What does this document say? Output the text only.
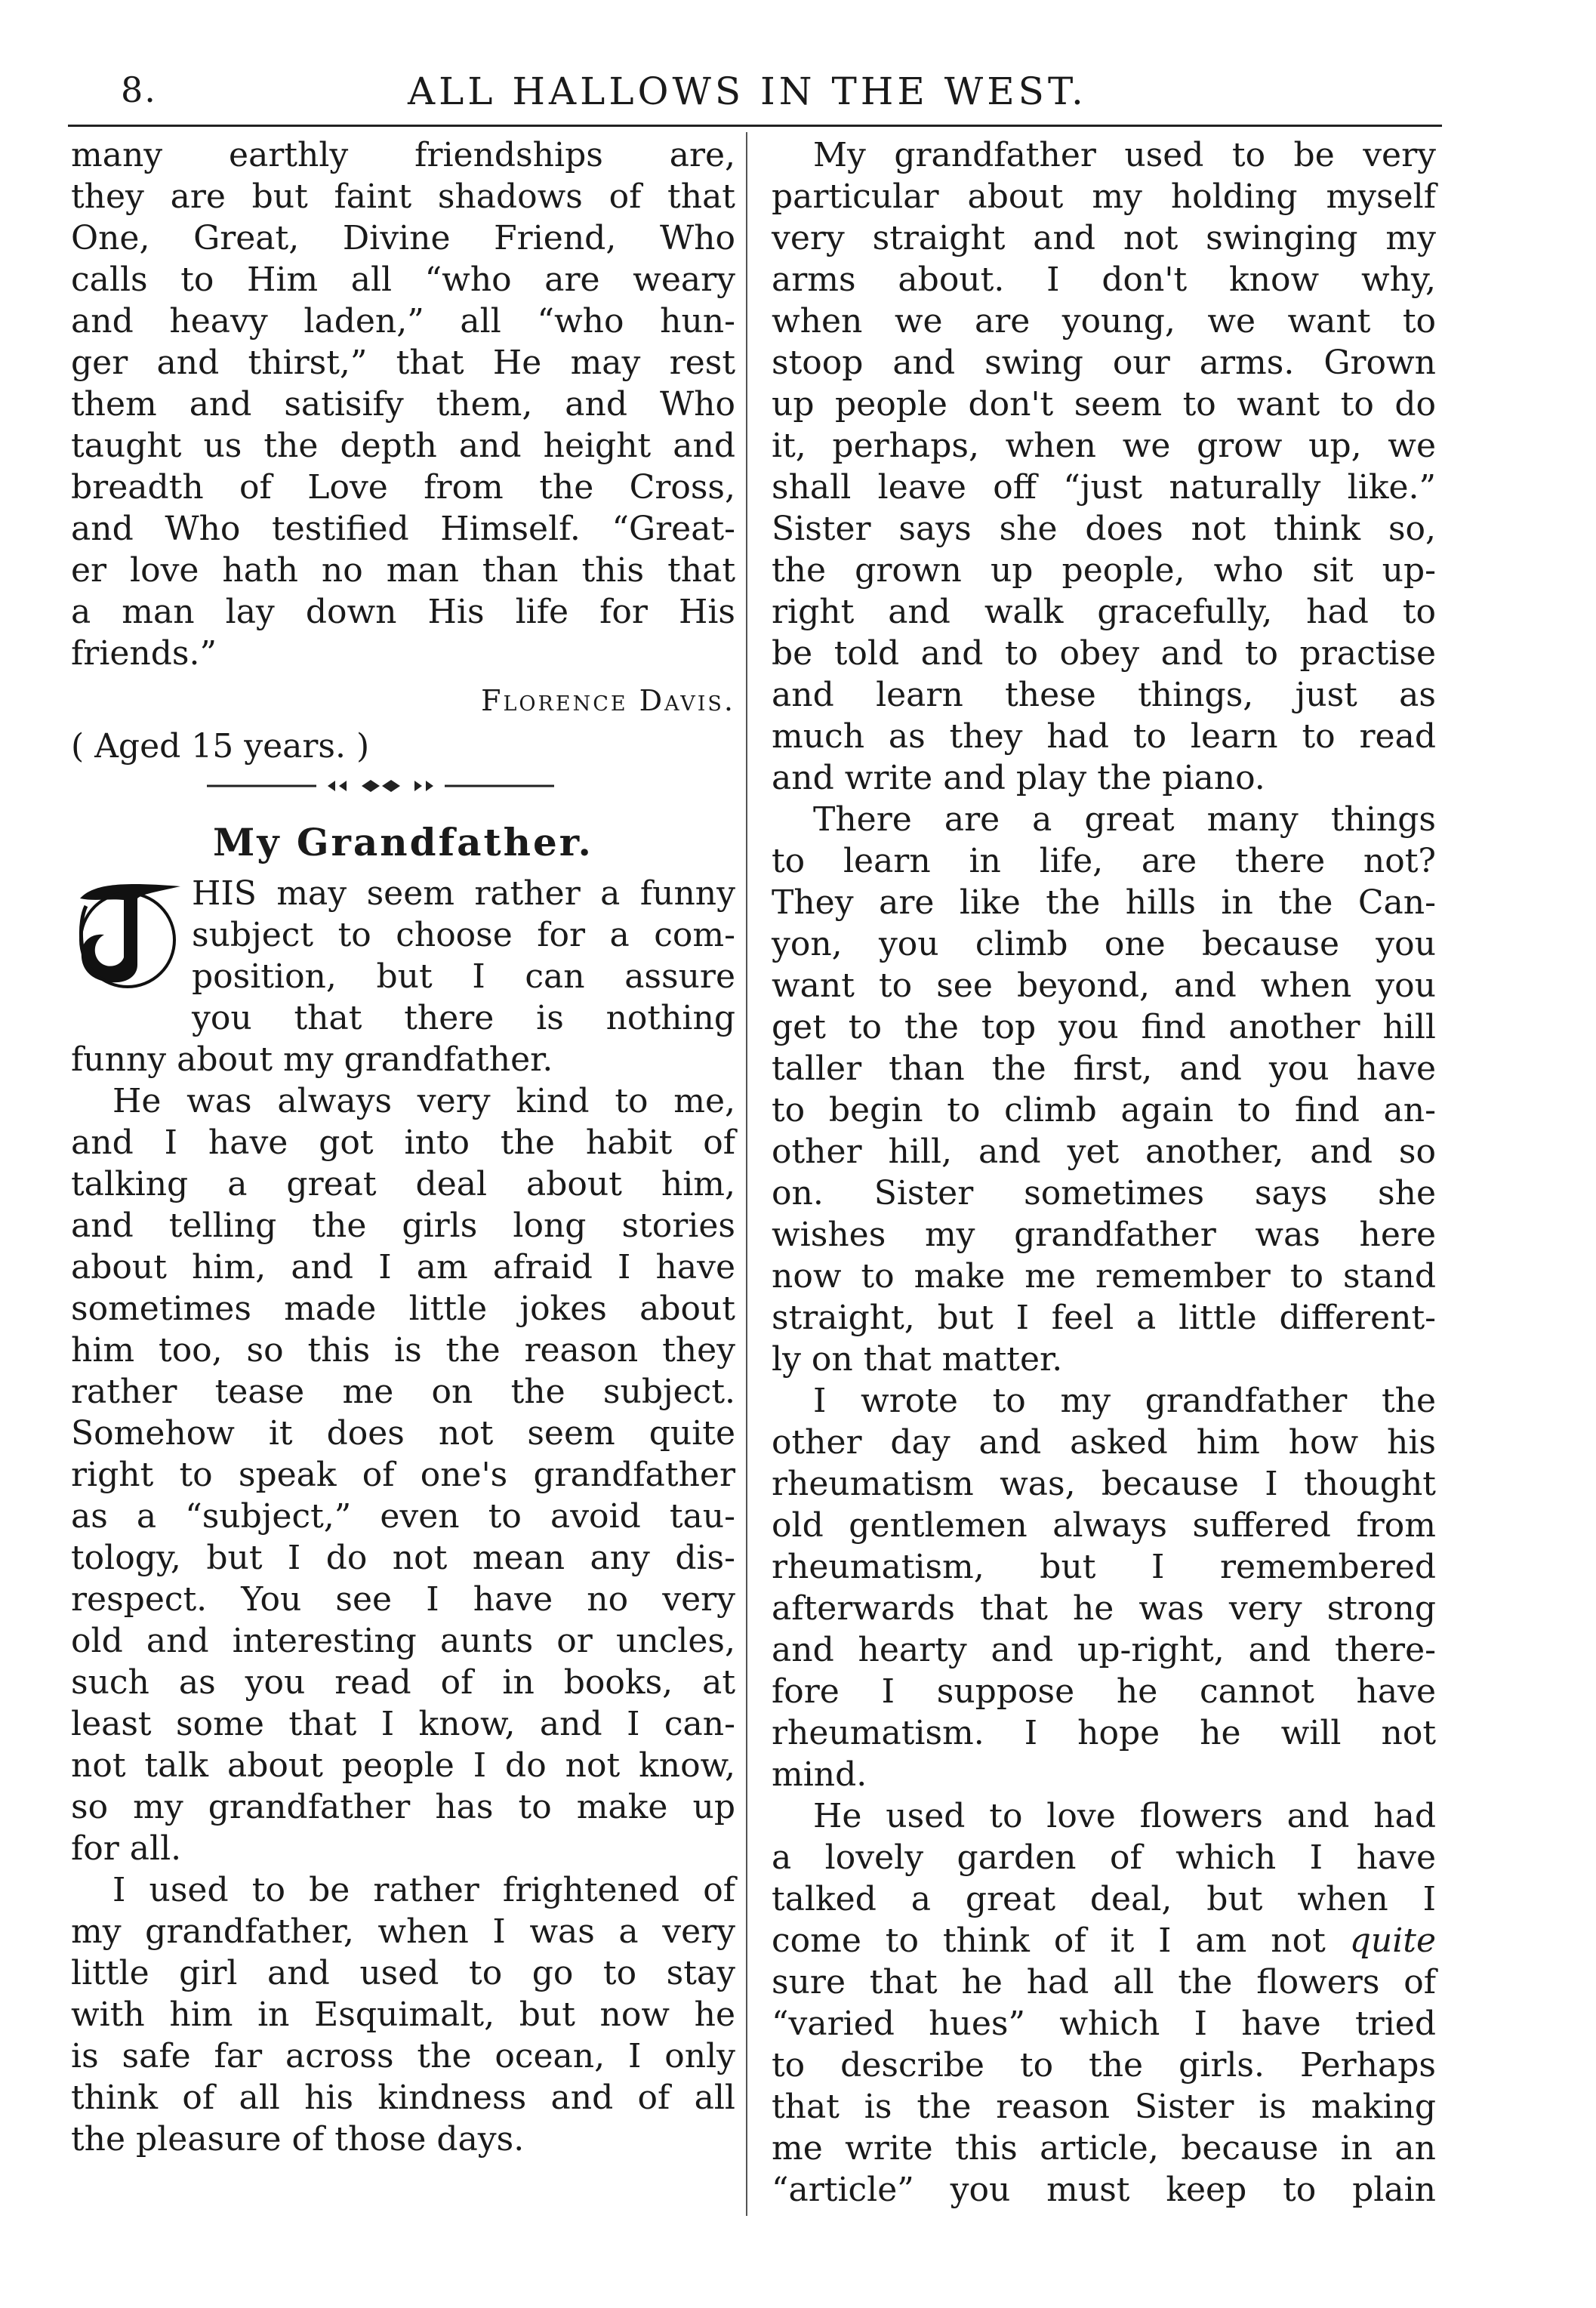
8.	ALL HALLOWS IN THE WEST.
many earthly friendships are,
they are but faint shadows of that
One, Great, Divine Friend, Who
calls to Him all “who are weary
and heavy laden,” all “who hun-
ger and thirst,” that He may rest
them and satisify them, and Who
taught us the depth and height and
breadth of Love from the Cross,
and Who testified Himself. “Great-
er love hath no man than this that
a man lay down His life for His
friends.”
Florence Davis.
( Aged 15 years. )
My Grandfather.
HIS may seem rather a funny
subject to choose for a com-
position, but I can assure
you that there is nothing
funny about my grandfather.
He was always very kind to me,
and I have got into the habit of
talking a great deal about him,
and telling the girls long stories
about him, and I am afraid I have
sometimes made little jokes about
him too, so this is the reason they
rather tease me on the subject.
Somehow it does not seem quite
right to speak of one's grandfather
as a “subject,” even to avoid tau-
tology, but I do not mean any dis-
respect. You see I have no very
old and interesting aunts or uncles,
such as you read of in books, at
least some that I know, and I can-
not talk about people I do not know,
so my grandfather has to make up
for all.
I used to be rather frightened of
my grandfather, when I was a very
little girl and used to go to stay
with him in Esquimalt, but now he
is safe far across the ocean, I only
think of all his kindness and of all
the pleasure of those days.
My grandfather used to be very
particular about my holding myself
very straight and not swinging my
arms about. I don't know why,
when we are young, we want to
stoop and swing our arms. Grown
up people don't seem to want to do
it, perhaps, when we grow up, we
shall leave off “just naturally like.”
Sister says she does not think so,
the grown up people, who sit up-
right and walk gracefully, had to
be told and to obey and to practise
and learn these things, just as
much as they had to learn to read
and write and play the piano.
There are a great many things
to learn in life, are there not?
They are like the hills in the Can-
yon, you climb one because you
want to see beyond, and when you
get to the top you find another hill
taller than the first, and you have
to begin to climb again to find an-
other hill, and yet another, and so
on. Sister sometimes says she
wishes my grandfather was here
now to make me remember to stand
straight, but I feel a little different-
ly on that matter.
I wrote to my grandfather the
other day and asked him how his
rheumatism was, because I thought
old gentlemen always suffered from
rheumatism, but I remembered
afterwards that he was very strong
and hearty and up-right, and there-
fore I suppose he cannot have
rheumatism. I hope he will not
mind.
He used to love flowers and had
a lovely garden of which I have
talked a great deal, but when I
come to think of it I am not quite
sure that he had all the flowers of
“varied hues” which I have tried
to describe to the girls. Perhaps
that is the reason Sister is making
me write this article, because in an
“article” you must keep to plain
